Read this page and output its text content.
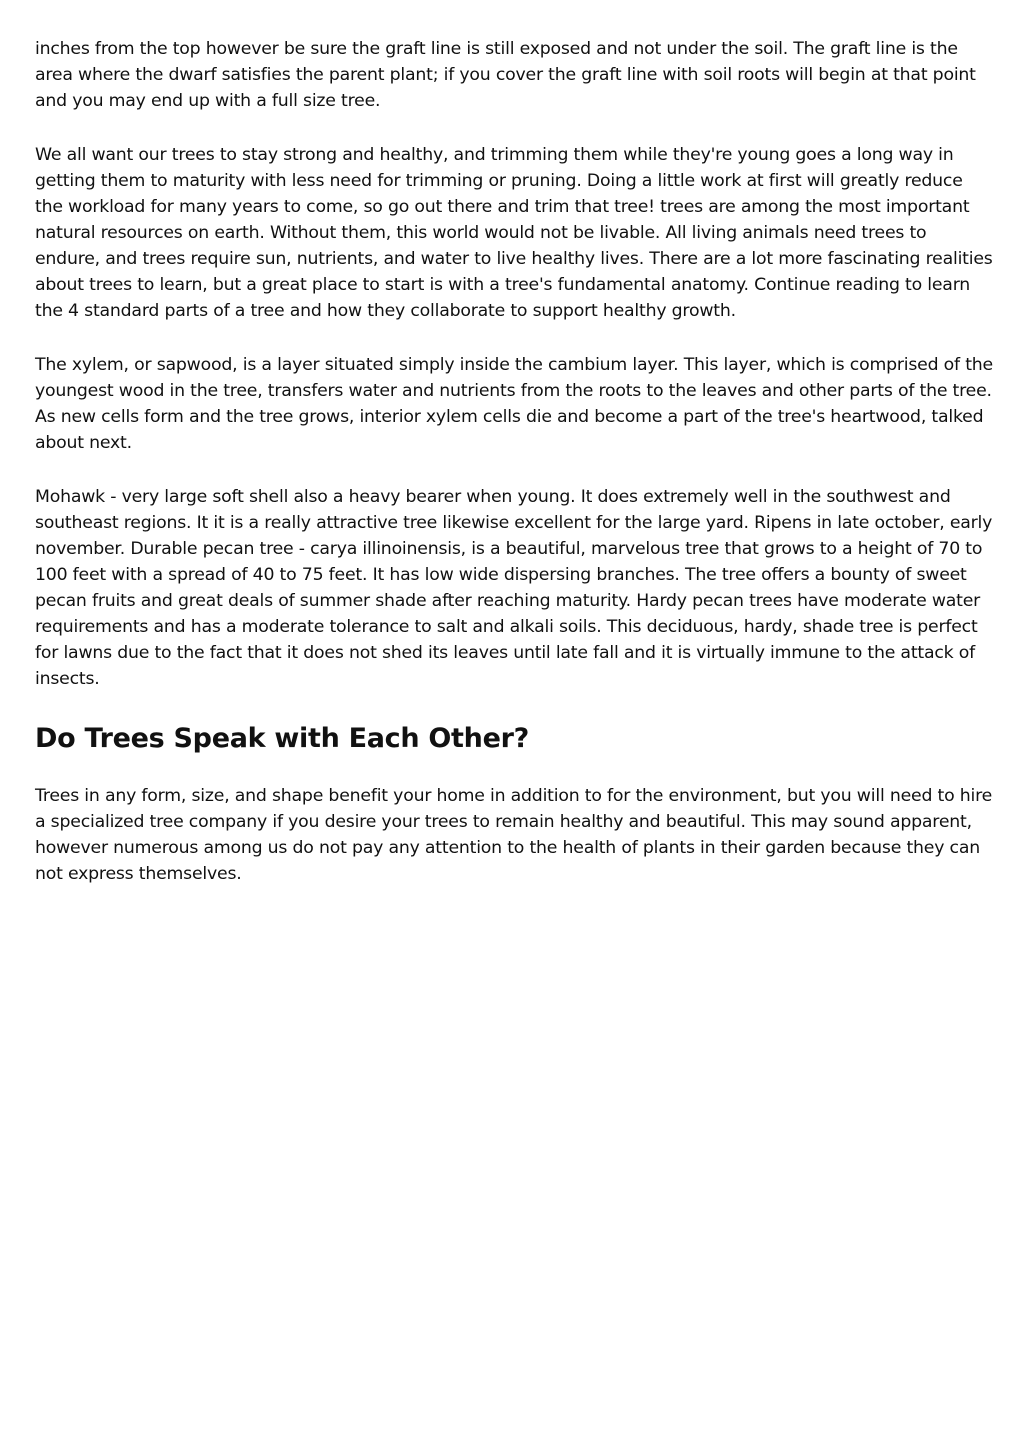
inches from the top however be sure the graft line is still exposed and not under the soil. The graft line is the area where the dwarf satisfies the parent plant; if you cover the graft line with soil roots will begin at that point and you may end up with a full size tree.

We all want our trees to stay strong and healthy, and trimming them while they're young goes a long way in getting them to maturity with less need for trimming or pruning. Doing a little work at first will greatly reduce the workload for many years to come, so go out there and trim that tree! trees are among the most important natural resources on earth. Without them, this world would not be livable. All living animals need trees to endure, and trees require sun, nutrients, and water to live healthy lives. There are a lot more fascinating realities about trees to learn, but a great place to start is with a tree's fundamental anatomy. Continue reading to learn the 4 standard parts of a tree and how they collaborate to support healthy growth.

The xylem, or sapwood, is a layer situated simply inside the cambium layer. This layer, which is comprised of the youngest wood in the tree, transfers water and nutrients from the roots to the leaves and other parts of the tree. As new cells form and the tree grows, interior xylem cells die and become a part of the tree's heartwood, talked about next.

Mohawk - very large soft shell also a heavy bearer when young. It does extremely well in the southwest and southeast regions. It it is a really attractive tree likewise excellent for the large yard. Ripens in late october, early november. Durable pecan tree - carya illinoinensis, is a beautiful, marvelous tree that grows to a height of 70 to 100 feet with a spread of 40 to 75 feet. It has low wide dispersing branches. The tree offers a bounty of sweet pecan fruits and great deals of summer shade after reaching maturity. Hardy pecan trees have moderate water requirements and has a moderate tolerance to salt and alkali soils. This deciduous, hardy, shade tree is perfect for lawns due to the fact that it does not shed its leaves until late fall and it is virtually immune to the attack of insects.

Do Trees Speak with Each Other?

Trees in any form, size, and shape benefit your home in addition to for the environment, but you will need to hire a specialized tree company if you desire your trees to remain healthy and beautiful. This may sound apparent, however numerous among us do not pay any attention to the health of plants in their garden because they can not express themselves.
